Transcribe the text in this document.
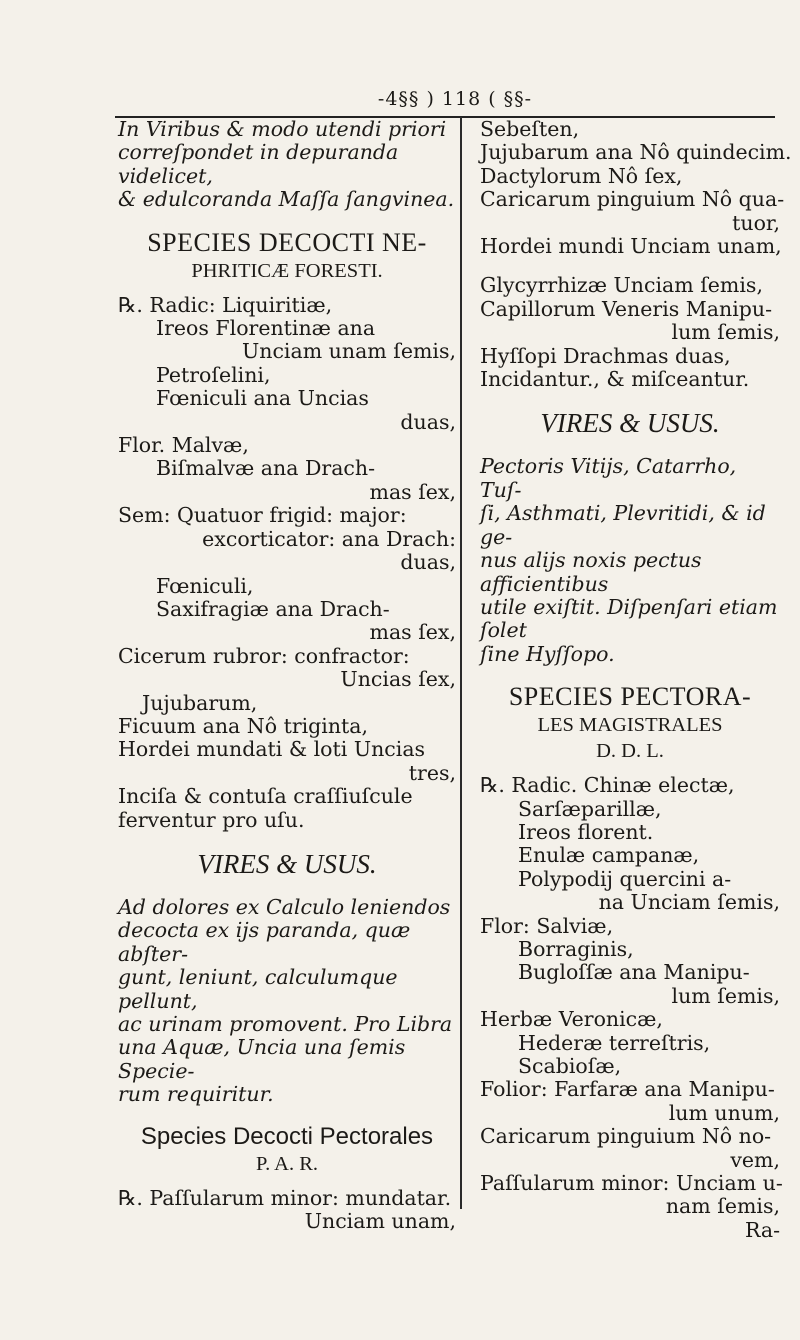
-4§§ ) 118 ( §§-

In Viribus & modo utendi priori

correſpondet in depuranda videlicet,

& edulcoranda Maſſa ſangvinea.

SPECIES DECOCTI NE-

PHRITICÆ FORESTI.

℞. Radic: Liquiritiæ,

Ireos Florentinæ ana

Unciam unam ſemis,

Petroſelini,

Fœniculi ana Uncias

duas,

Flor. Malvæ,

Biſmalvæ ana Drach-

mas ſex,

Sem: Quatuor frigid: major:

excorticator: ana Drach:

duas,

Fœniculi,

Saxifragiæ ana Drach-

mas ſex,

Cicerum rubror: confractor:

Uncias ſex,

Jujubarum,

Ficuum ana Nô triginta,

Hordei mundati & loti Uncias

tres,

Inciſa & contuſa craſſiuſcule

ferventur pro uſu.

VIRES & USUS.

Ad dolores ex Calculo leniendos

decocta ex ijs paranda, quæ abſter-

gunt, leniunt, calculumque pellunt,

ac urinam promovent. Pro Libra

una Aquæ, Uncia una ſemis Specie-

rum requiritur.

Species Decocti Pectorales

P. A. R.

℞. Paſſularum minor: mundatar.

Unciam unam,

Sebeſten,

Jujubarum ana Nô quindecim.

Dactylorum Nô ſex,

Caricarum pinguium Nô qua-

tuor,

Hordei mundi Unciam unam,

Glycyrrhizæ Unciam ſemis,

Capillorum Veneris Manipu-

lum ſemis,

Hyſſopi Drachmas duas,

Incidantur., & miſceantur.

VIRES & USUS.

Pectoris Vitijs, Catarrho, Tuſ-

ſi, Asthmati, Plevritidi, & id ge-

nus alijs noxis pectus afficientibus

utile exiſtit. Diſpenſari etiam ſolet

ſine Hyſſopo.

SPECIES PECTORA-

LES MAGISTRALES

D. D. L.

℞. Radic. Chinæ electæ,

Sarſæparillæ,

Ireos florent.

Enulæ campanæ,

Polypodij quercini a-

na Unciam ſemis,

Flor: Salviæ,

Borraginis,

Bugloſſæ ana Manipu-

lum ſemis,

Herbæ Veronicæ,

Hederæ terreſtris,

Scabioſæ,

Folior: Farfaræ ana Manipu-

lum unum,

Caricarum pinguium Nô no-

vem,

Paſſularum minor: Unciam u-

nam ſemis,

Ra-
